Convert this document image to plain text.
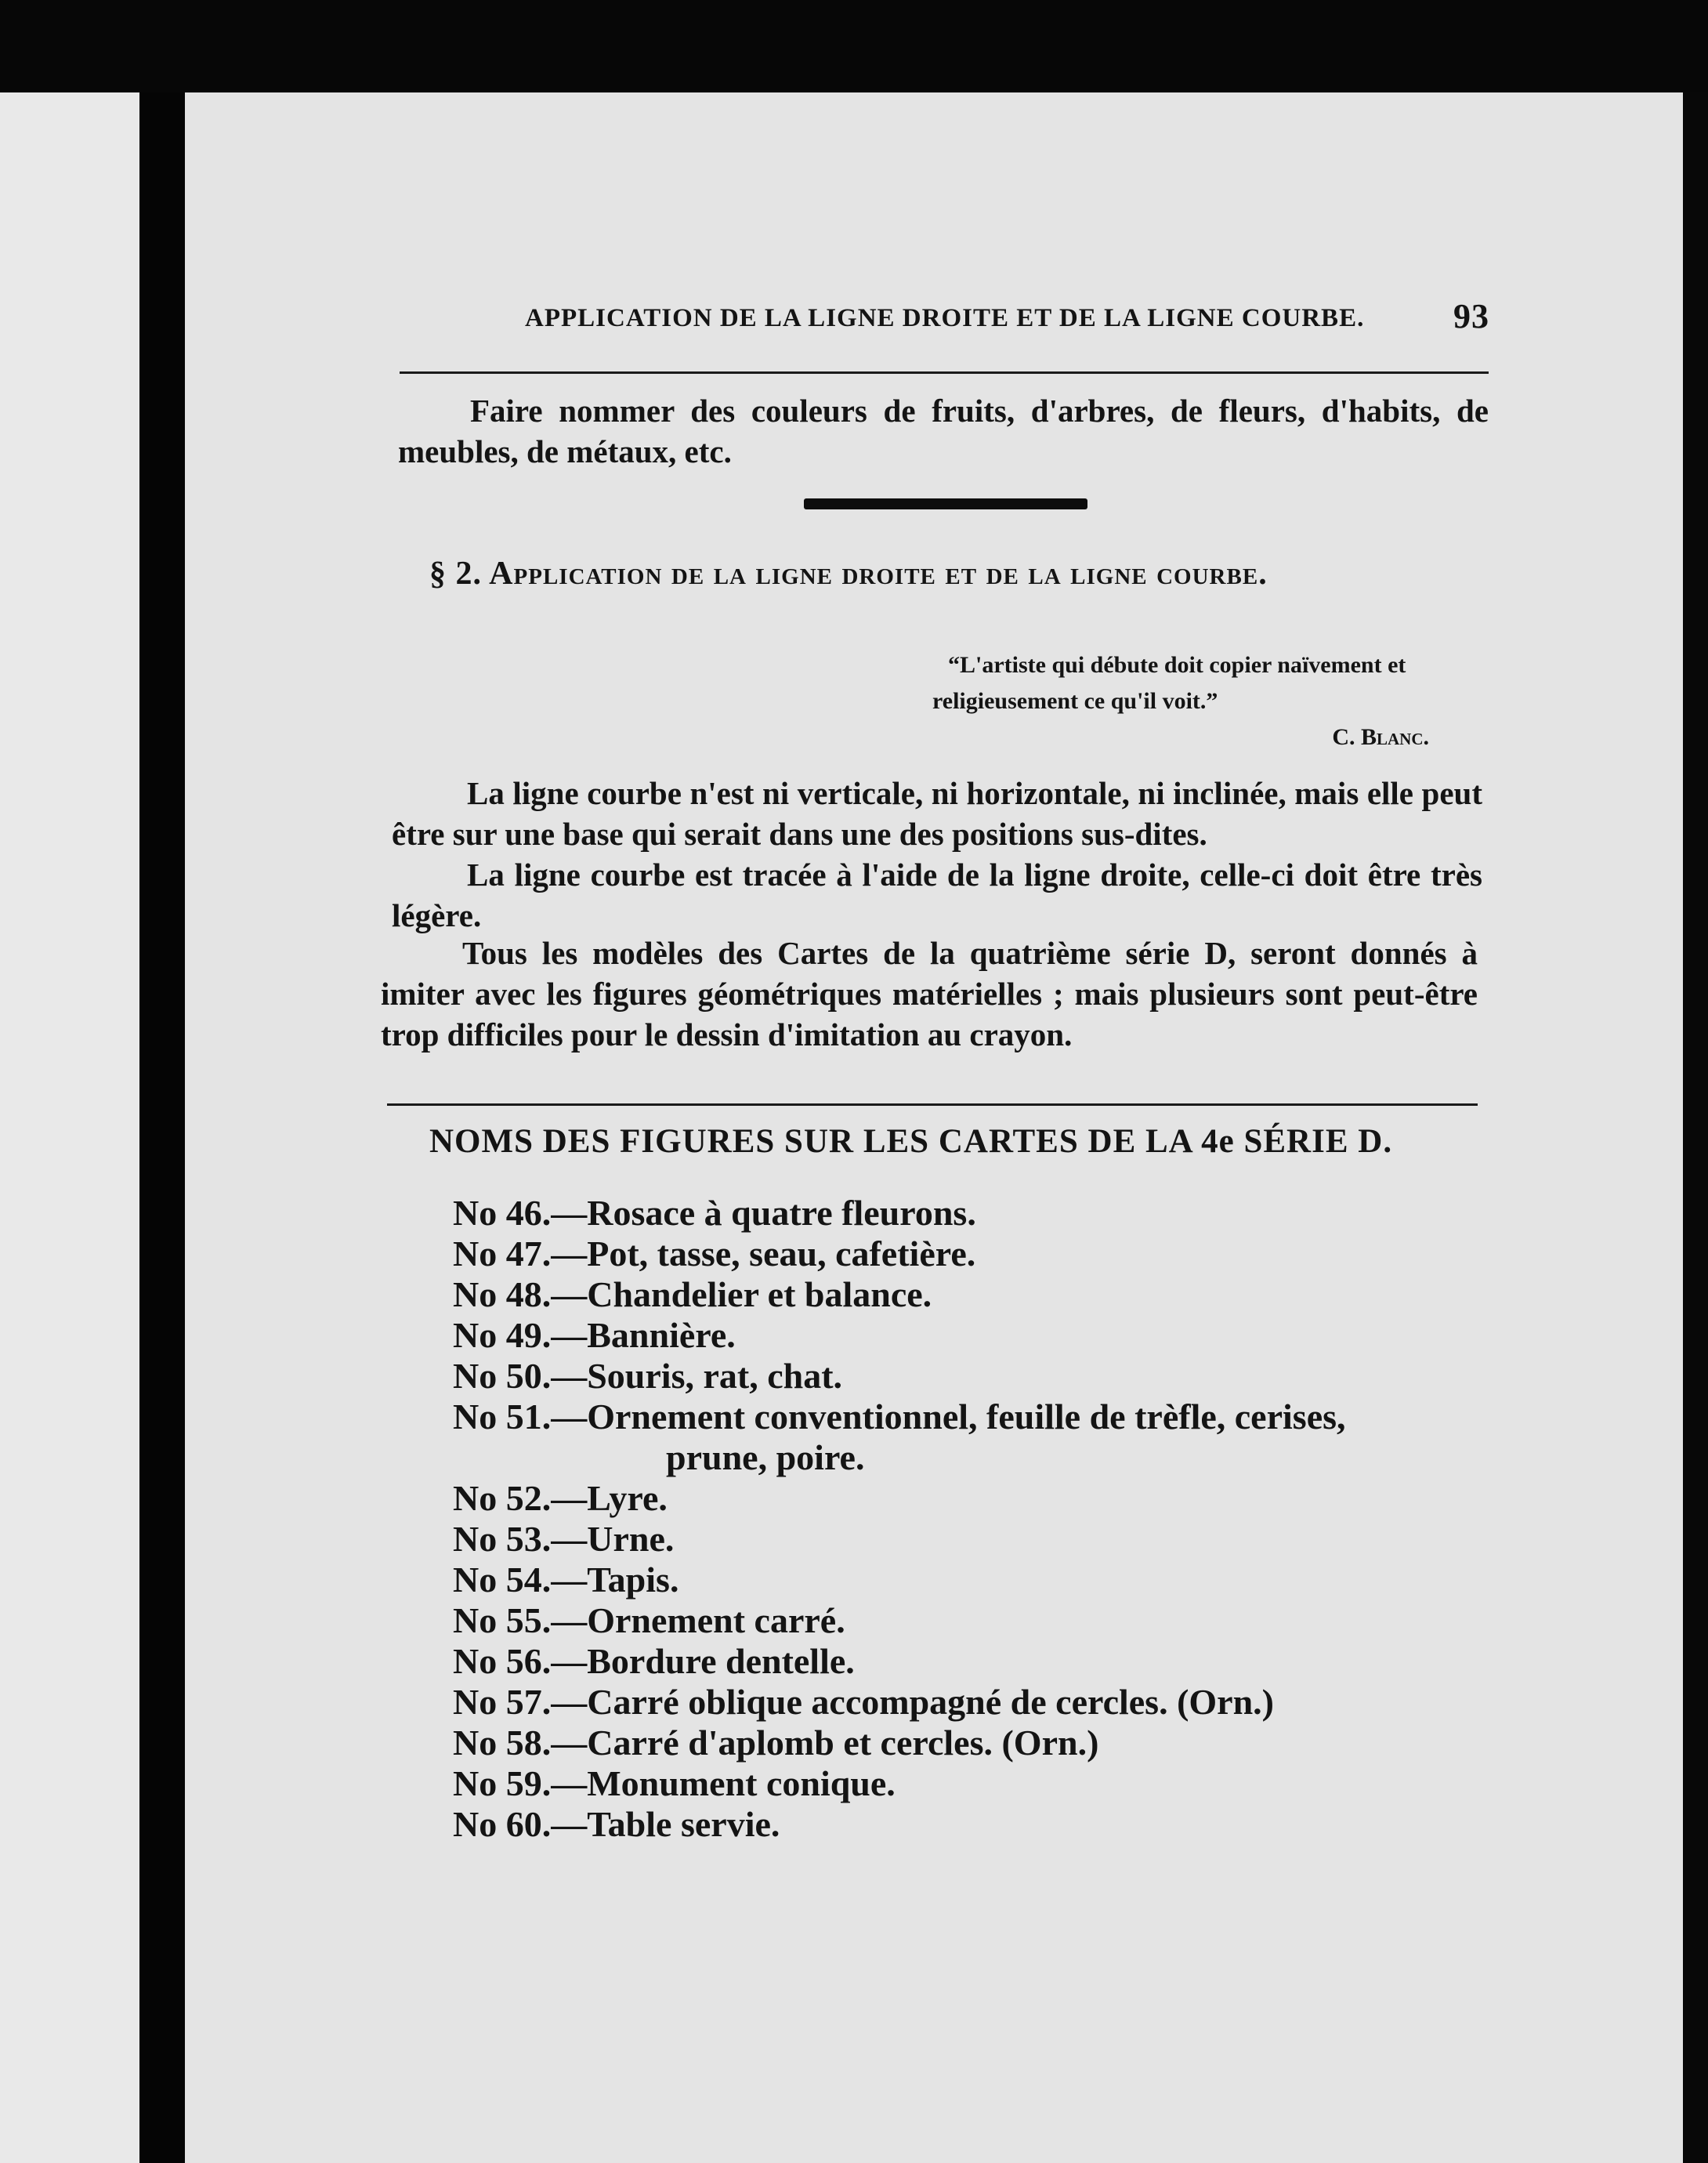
APPLICATION DE LA LIGNE DROITE ET DE LA LIGNE COURBE.	93
Faire nommer des couleurs de fruits, d'arbres, de fleurs, d'habits, de meubles, de métaux, etc.
§ 2. Application de la ligne droite et de la ligne courbe.
“L'artiste qui débute doit copier naïvement et religieusement ce qu'il voit.”
C. Blanc.
La ligne courbe n'est ni verticale, ni horizontale, ni inclinée, mais elle peut être sur une base qui serait dans une des positions sus-dites.
La ligne courbe est tracée à l'aide de la ligne droite, celle-ci doit être très légère.
Tous les modèles des Cartes de la quatrième série D, seront donnés à imiter avec les figures géométriques matérielles ; mais plusieurs sont peut-être trop difficiles pour le dessin d'imitation au crayon.
NOMS DES FIGURES SUR LES CARTES DE LA 4e SÉRIE D.
No 46.—Rosace à quatre fleurons.
No 47.—Pot, tasse, seau, cafetière.
No 48.—Chandelier et balance.
No 49.—Bannière.
No 50.—Souris, rat, chat.
No 51.—Ornement conventionnel, feuille de trèfle, cerises,
prune, poire.
No 52.—Lyre.
No 53.—Urne.
No 54.—Tapis.
No 55.—Ornement carré.
No 56.—Bordure dentelle.
No 57.—Carré oblique accompagné de cercles. (Orn.)
No 58.—Carré d'aplomb et cercles. (Orn.)
No 59.—Monument conique.
No 60.—Table servie.
